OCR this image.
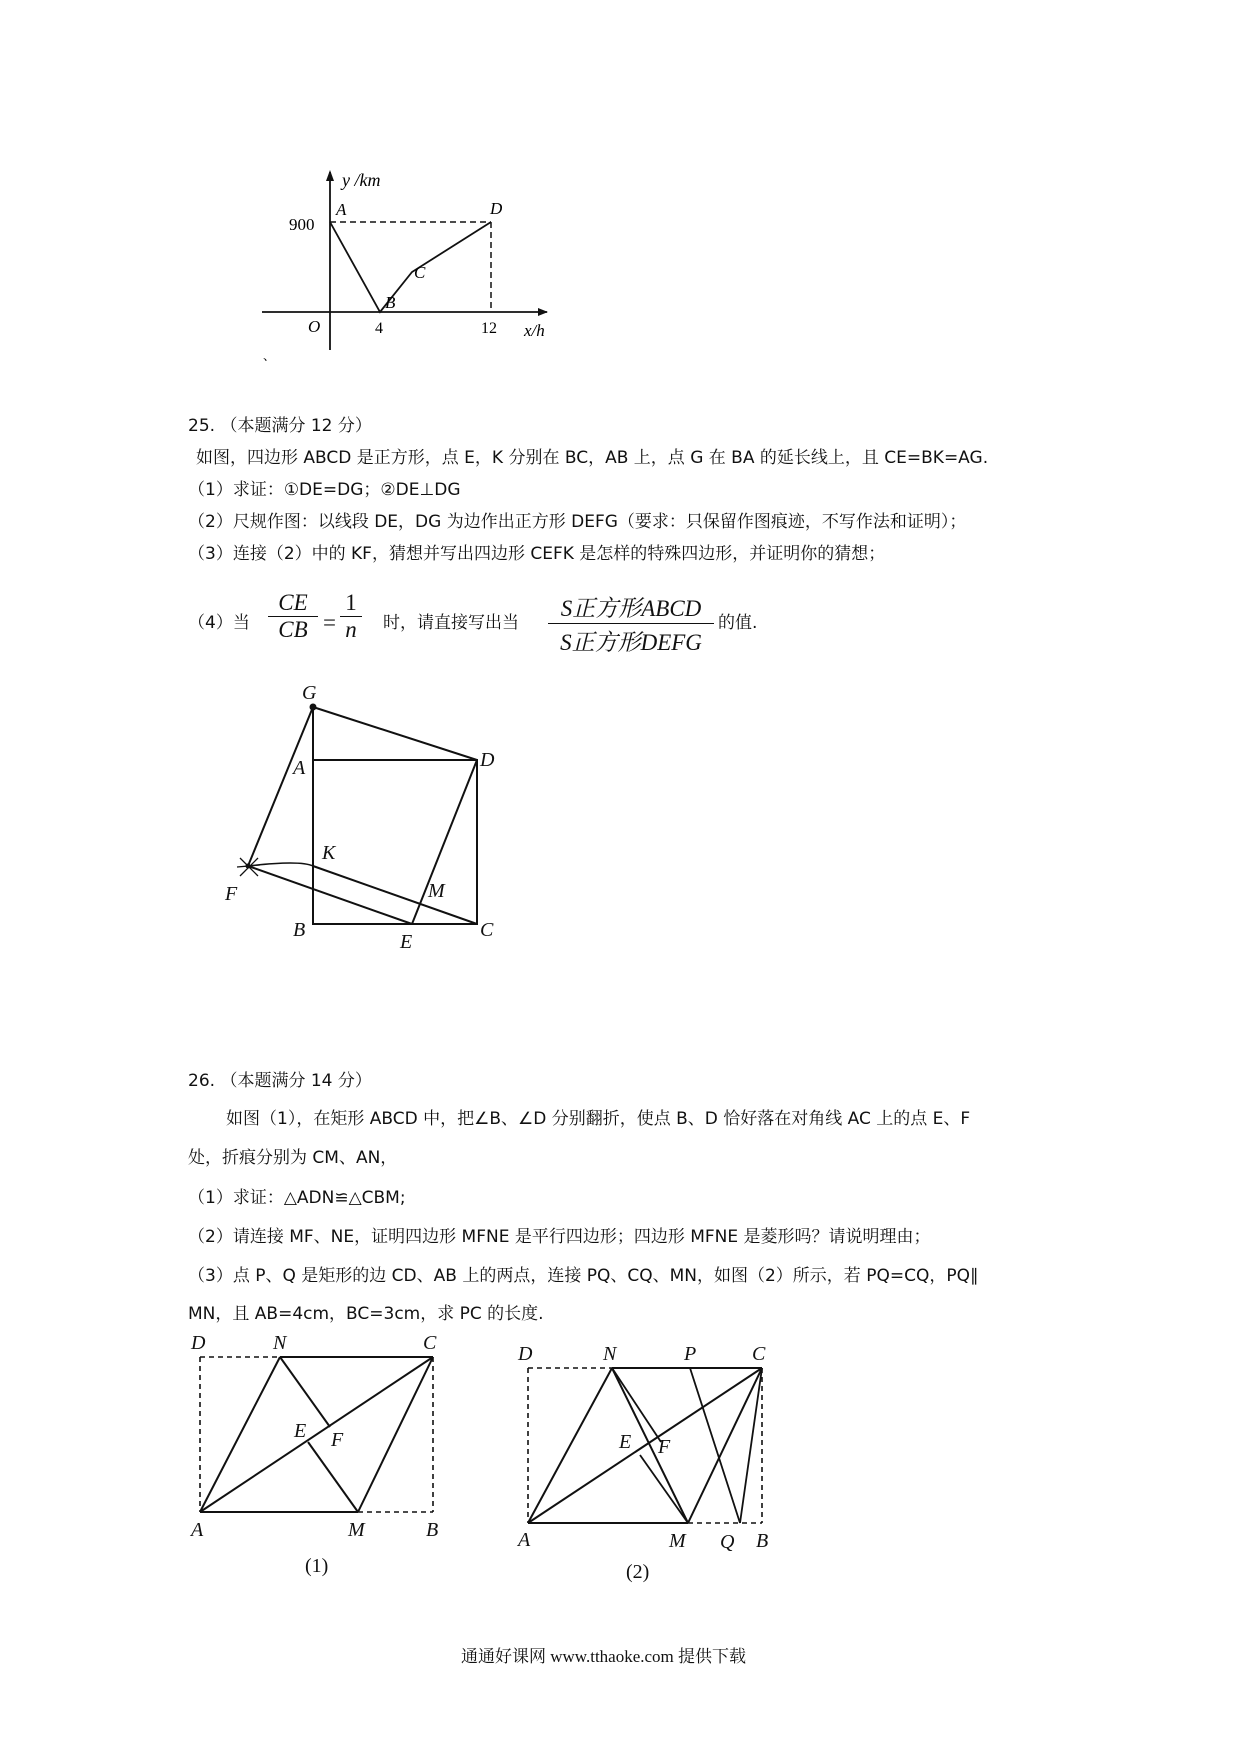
y /km
900
A
B
C
D
O	4	12 x/h
、
25. （本题满分 12 分）
如图，四边形 ABCD 是正方形，点 E，K 分别在 BC，AB 上，点 G 在 BA 的延长线上，且 CE=BK=AG.
（1）求证：①DE=DG；②DE⊥DG
（2）尺规作图：以线段 DE，DG 为边作出正方形 DEFG（要求：只保留作图痕迹，不写作法和证明）；
（3）连接（2）中的 KF，猜想并写出四边形 CEFK 是怎样的特殊四边形，并证明你的猜想；
（4）当 $\frac{CE}{CB} = \frac{1}{n}$ 时，请直接写出当
S正方形ABCD
S正方形DEFG
的值.
G
A	D
K
M
F
B
E
C
26. （本题满分 14 分）
如图（1），在矩形 ABCD 中，把∠B、∠D 分别翻折，使点 B、D 恰好落在对角线 AC 上的点 E、F
处，折痕分别为 CM、AN，
（1）求证：△ADN≌△CBM;
（2）请连接 MF、NE，证明四边形 MFNE 是平行四边形；四边形 MFNE 是菱形吗？请说明理由；
（3）点 P、Q 是矩形的边 CD、AB 上的两点，连接 PQ、CQ、MN，如图（2）所示，若 PQ=CQ，PQ∥
MN，且 AB=4cm，BC=3cm，求 PC 的长度.
D	N	C
E F
A	M	B
(1)
D	N	P	C
E F
A	M Q B
(2)
通通好课网 www.tthaoke.com 提供下载
